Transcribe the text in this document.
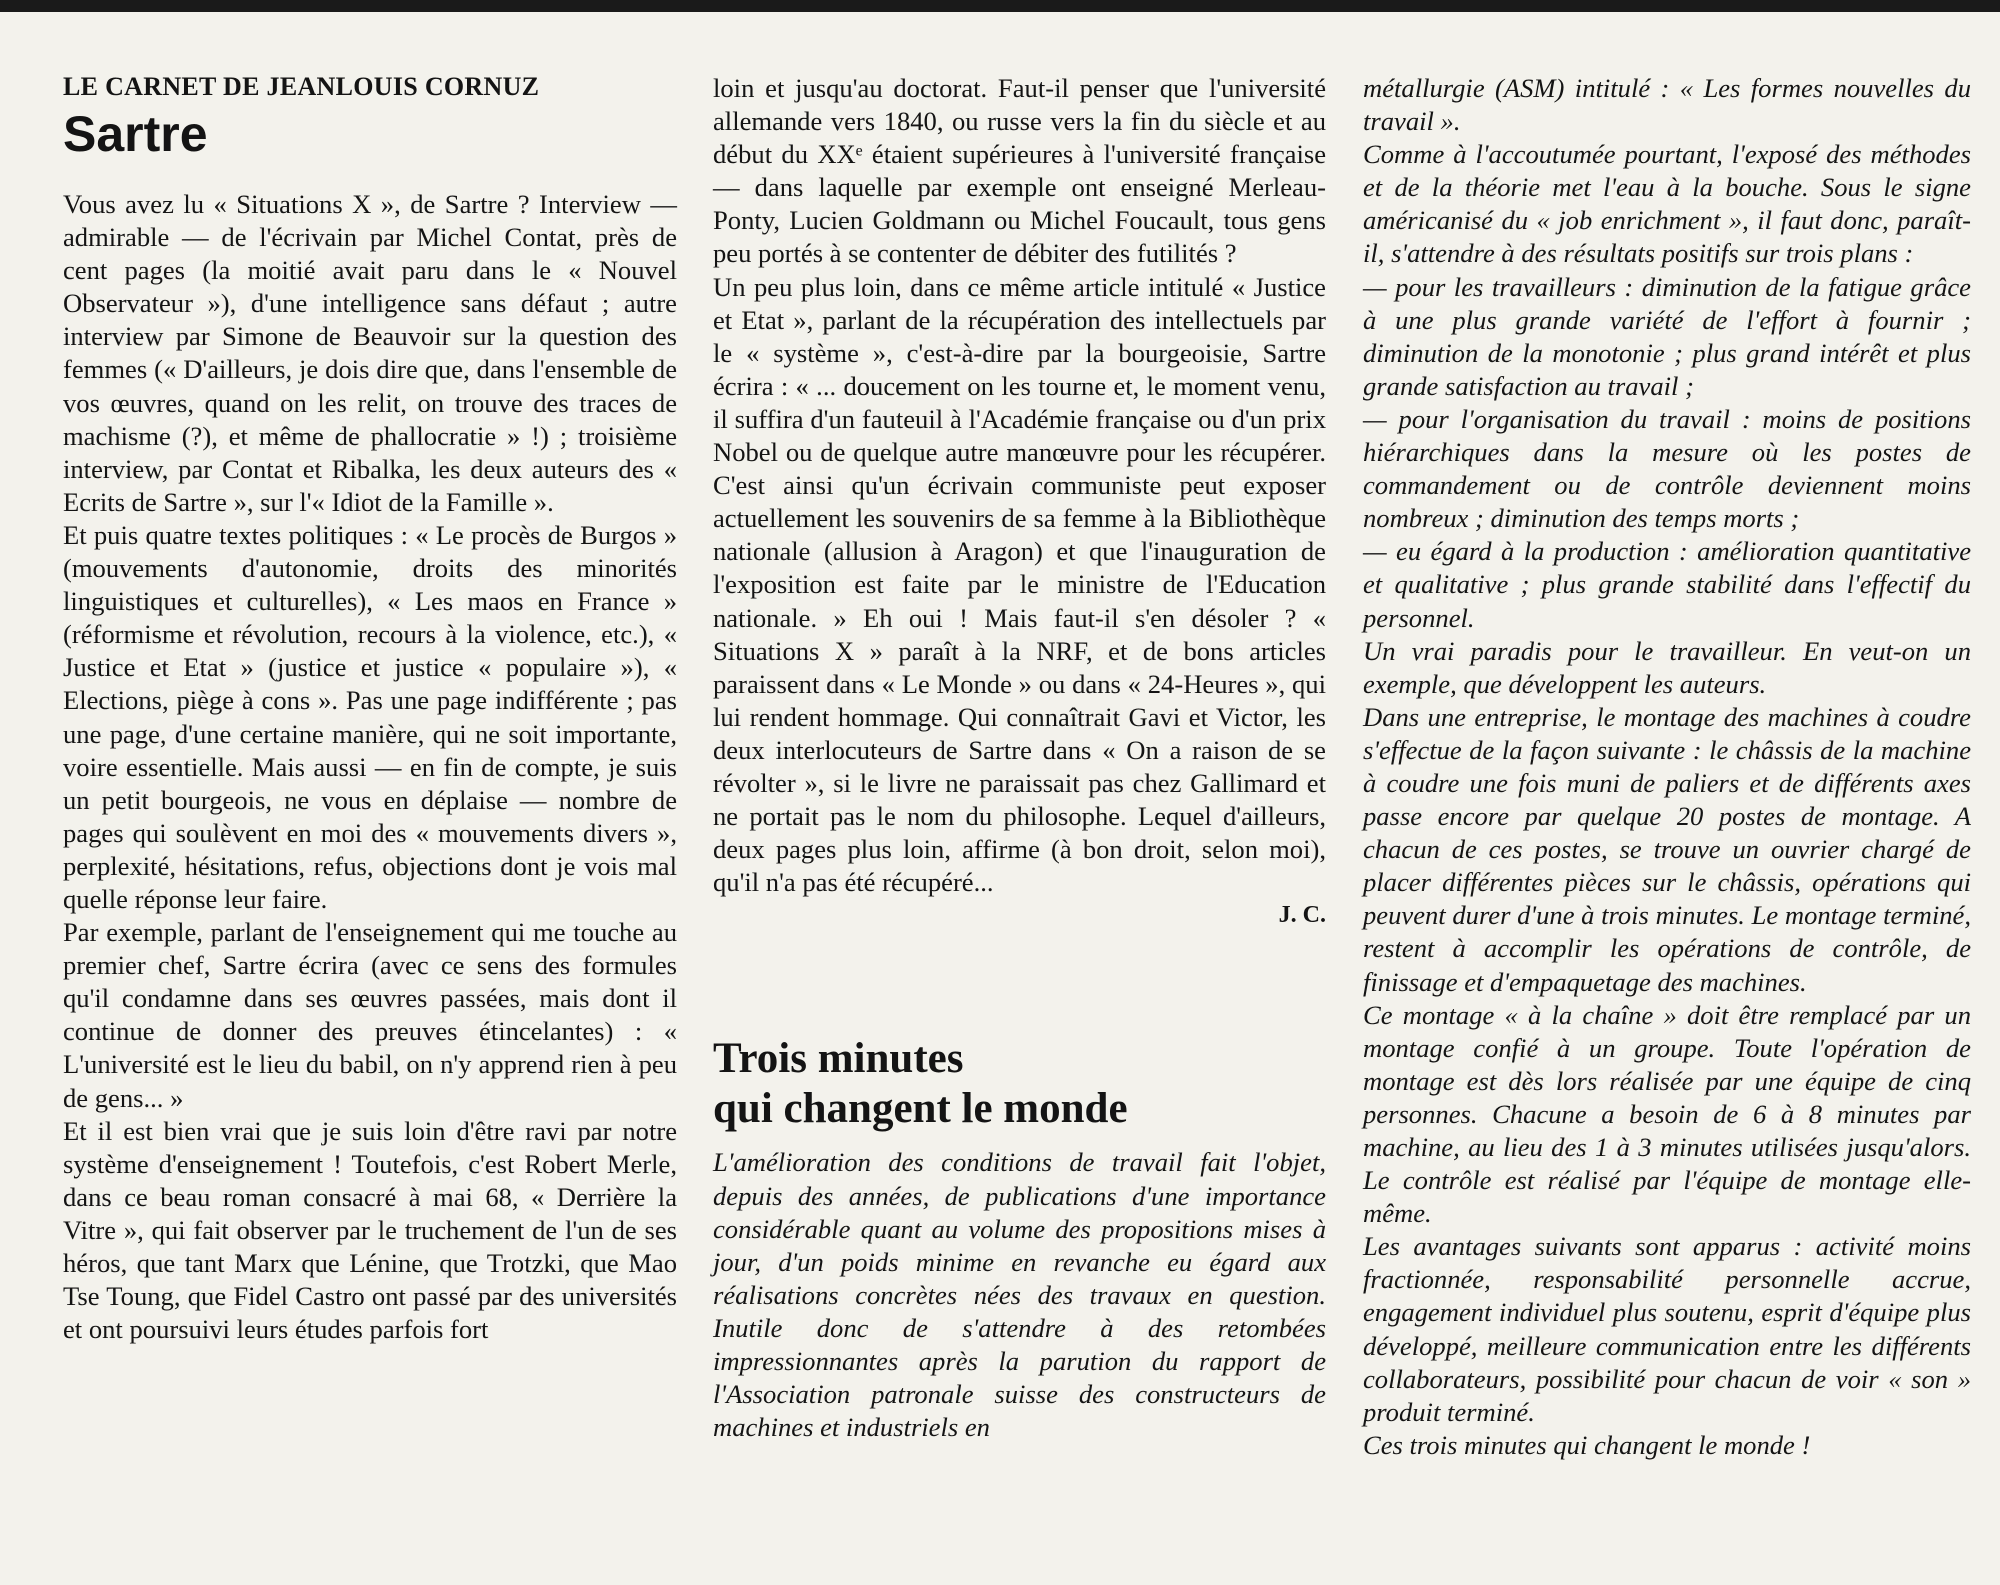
LE CARNET DE JEANLOUIS CORNUZ
Sartre

Vous avez lu « Situations X », de Sartre ? Interview — admirable — de l'écrivain par Michel Contat, près de cent pages (la moitié avait paru dans le « Nouvel Observateur »), d'une intelligence sans défaut ; autre interview par Simone de Beauvoir sur la question des femmes (« D'ailleurs, je dois dire que, dans l'ensemble de vos œuvres, quand on les relit, on trouve des traces de machisme (?), et même de phallocratie » !) ; troisième interview, par Contat et Ribalka, les deux auteurs des « Ecrits de Sartre », sur l'« Idiot de la Famille ».

Et puis quatre textes politiques : « Le procès de Burgos » (mouvements d'autonomie, droits des minorités linguistiques et culturelles), « Les maos en France » (réformisme et révolution, recours à la violence, etc.), « Justice et Etat » (justice et justice « populaire »), « Elections, piège à cons ». Pas une page indifférente ; pas une page, d'une certaine manière, qui ne soit importante, voire essentielle. Mais aussi — en fin de compte, je suis un petit bourgeois, ne vous en déplaise — nombre de pages qui soulèvent en moi des « mouvements divers », perplexité, hésitations, refus, objections dont je vois mal quelle réponse leur faire.

Par exemple, parlant de l'enseignement qui me touche au premier chef, Sartre écrira (avec ce sens des formules qu'il condamne dans ses œuvres passées, mais dont il continue de donner des preuves étincelantes) : « L'université est le lieu du babil, on n'y apprend rien à peu de gens... »

Et il est bien vrai que je suis loin d'être ravi par notre système d'enseignement ! Toutefois, c'est Robert Merle, dans ce beau roman consacré à mai 68, « Derrière la Vitre », qui fait observer par le truchement de l'un de ses héros, que tant Marx que Lénine, que Trotzki, que Mao Tse Toung, que Fidel Castro ont passé par des universités et ont poursuivi leurs études parfois fort

loin et jusqu'au doctorat. Faut-il penser que l'université allemande vers 1840, ou russe vers la fin du siècle et au début du XXᵉ étaient supérieures à l'université française — dans laquelle par exemple ont enseigné Merleau-Ponty, Lucien Goldmann ou Michel Foucault, tous gens peu portés à se contenter de débiter des futilités ?

Un peu plus loin, dans ce même article intitulé « Justice et Etat », parlant de la récupération des intellectuels par le « système », c'est-à-dire par la bourgeoisie, Sartre écrira : « ... doucement on les tourne et, le moment venu, il suffira d'un fauteuil à l'Académie française ou d'un prix Nobel ou de quelque autre manœuvre pour les récupérer. C'est ainsi qu'un écrivain communiste peut exposer actuellement les souvenirs de sa femme à la Bibliothèque nationale (allusion à Aragon) et que l'inauguration de l'exposition est faite par le ministre de l'Education nationale. » Eh oui ! Mais faut-il s'en désoler ? « Situations X » paraît à la NRF, et de bons articles paraissent dans « Le Monde » ou dans « 24-Heures », qui lui rendent hommage. Qui connaîtrait Gavi et Victor, les deux interlocuteurs de Sartre dans « On a raison de se révolter », si le livre ne paraissait pas chez Gallimard et ne portait pas le nom du philosophe. Lequel d'ailleurs, deux pages plus loin, affirme (à bon droit, selon moi), qu'il n'a pas été récupéré...

J. C.
Trois minutes
qui changent le monde

L'amélioration des conditions de travail fait l'objet, depuis des années, de publications d'une importance considérable quant au volume des propositions mises à jour, d'un poids minime en revanche eu égard aux réalisations concrètes nées des travaux en question. Inutile donc de s'attendre à des retombées impressionnantes après la parution du rapport de l'Association patronale suisse des constructeurs de machines et industriels en

métallurgie (ASM) intitulé : « Les formes nouvelles du travail ».

Comme à l'accoutumée pourtant, l'exposé des méthodes et de la théorie met l'eau à la bouche. Sous le signe américanisé du « job enrichment », il faut donc, paraît-il, s'attendre à des résultats positifs sur trois plans :

— pour les travailleurs : diminution de la fatigue grâce à une plus grande variété de l'effort à fournir ; diminution de la monotonie ; plus grand intérêt et plus grande satisfaction au travail ;

— pour l'organisation du travail : moins de positions hiérarchiques dans la mesure où les postes de commandement ou de contrôle deviennent moins nombreux ; diminution des temps morts ;

— eu égard à la production : amélioration quantitative et qualitative ; plus grande stabilité dans l'effectif du personnel.

Un vrai paradis pour le travailleur. En veut-on un exemple, que développent les auteurs.

Dans une entreprise, le montage des machines à coudre s'effectue de la façon suivante : le châssis de la machine à coudre une fois muni de paliers et de différents axes passe encore par quelque 20 postes de montage. A chacun de ces postes, se trouve un ouvrier chargé de placer différentes pièces sur le châssis, opérations qui peuvent durer d'une à trois minutes. Le montage terminé, restent à accomplir les opérations de contrôle, de finissage et d'empaquetage des machines.

Ce montage « à la chaîne » doit être remplacé par un montage confié à un groupe. Toute l'opération de montage est dès lors réalisée par une équipe de cinq personnes. Chacune a besoin de 6 à 8 minutes par machine, au lieu des 1 à 3 minutes utilisées jusqu'alors. Le contrôle est réalisé par l'équipe de montage elle-même.

Les avantages suivants sont apparus : activité moins fractionnée, responsabilité personnelle accrue, engagement individuel plus soutenu, esprit d'équipe plus développé, meilleure communication entre les différents collaborateurs, possibilité pour chacun de voir « son » produit terminé.

Ces trois minutes qui changent le monde !
